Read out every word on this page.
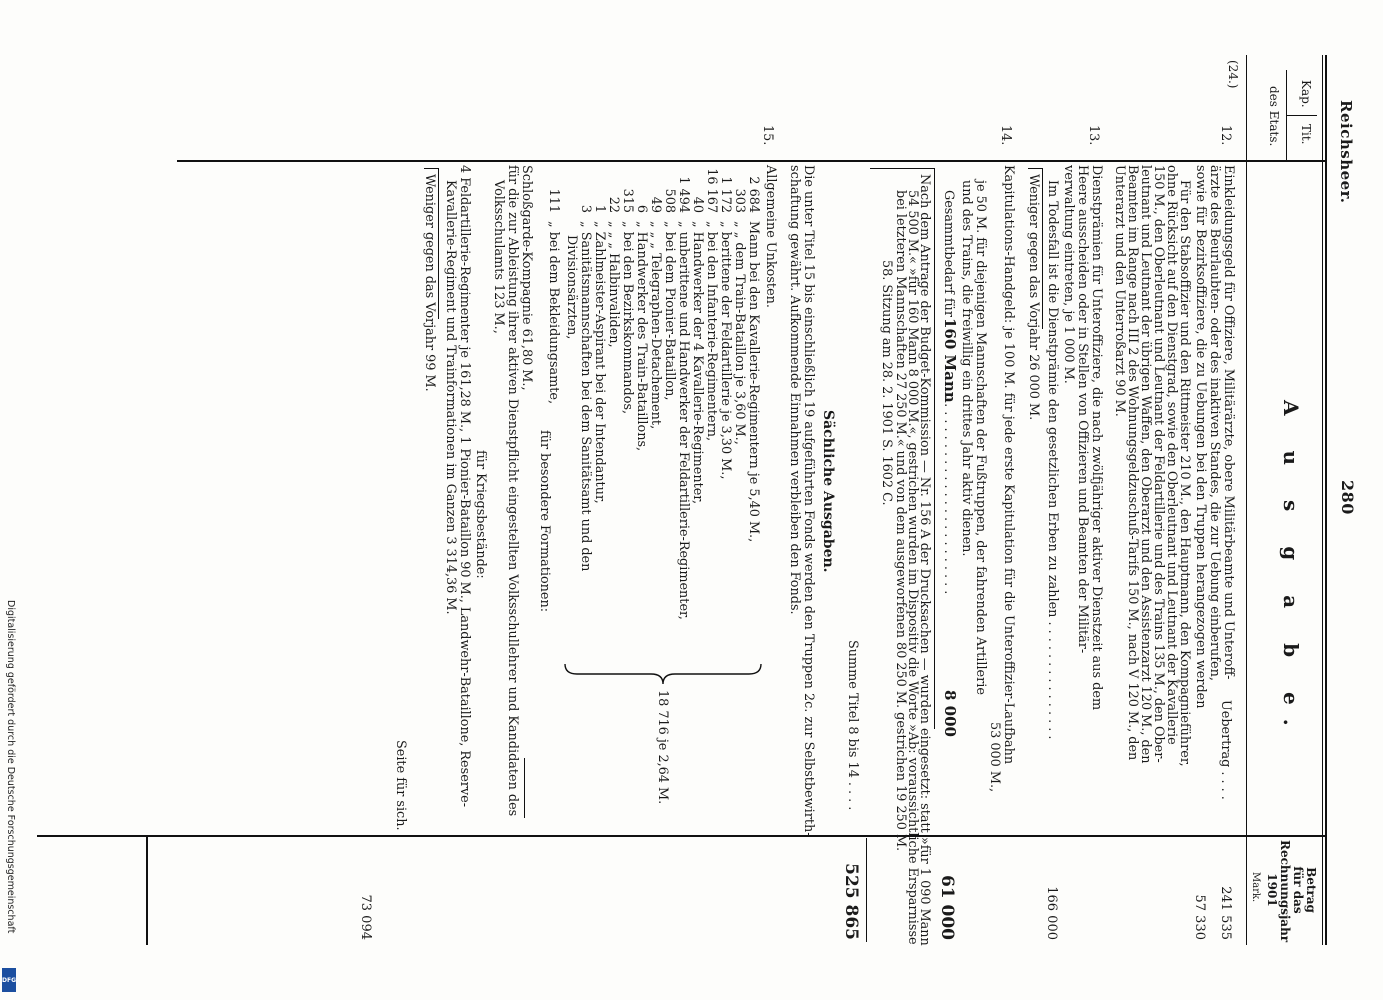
Reichsheer.
280
Kap.
Tit.
des Etats.
A u s g a b e.
Betrag
für das
Rechnungsjahr
1901
Mark.
(24.)
12.
Uebertrag . . . .
241 535

Einkleidungsgeld für Offiziere, Militärärzte, obere Militärbeamte und Unteroff-

ärzte des Beurlaubten- oder des inaktiven Standes, die zur Uebung einberufen,

sowie für Bezirksoffiziere, die zu Uebungen bei den Truppen herangezogen werden

Für den Stabsoffizier und den Rittmeister 210 M., den Hauptmann, den Kompagnieführer,

ohne Rücksicht auf den Dienstgrad, sowie den Oberleutnant und Leutnant der Kavallerie

150 M., den Oberleutnant und Leutnant der Feldartillerie und des Trains 135 M., den Ober-

leutnant und Leutnant der übrigen Waffen, den Oberarzt und den Assistenzarzt 120 M., den

Beamten im Range nach III 2 des Wohnungsgeldzuschuß-Tarifs 150 M., nach V 120 M., den

Unterarzt und den Unterroßarzt 90 M.

57 330
13.

Dienstprämien für Unteroffiziere, die nach zwölfjähriger aktiver Dienstzeit aus dem

Heere ausscheiden oder in Stellen von Offizieren und Beamten der Militär-

verwaltung eintreten, je 1 000 M.

Im Todesfall ist die Dienstprämie den gesetzlichen Erben zu zahlen . . . . . . . . . . . . . . .

166 000

Weniger gegen das Vorjahr 26 000 M.

14.

Kapitulations-Handgeld: je 100 M. für jede erste Kapitulation für die Unteroffizier-Laufbahn

53 000 M.,

je 50 M. für diejenigen Mannschaften der Fußtruppen, der fahrenden Artillerie

und des Trains, die freiwillig ein drittes Jahr aktiv dienen.

Gesammtbedarf für

160 Mann

. . . . . . . . . . . . . . . . . . . . . . . . .

8 000

Nach dem Antrage der Budget-Kommission — Nr. 156 A der Drucksachen — wurden eingesetzt: statt »für 1 090 Mann

54 500 M.« »für 160 Mann 8 000 M.«, gestrichen wurden im Dispositiv die Worte »Ab: voraussichtliche Ersparnisse

bei letzteren Mannschaften 27 250 M.« und von dem ausgeworfenen 80 250 M. gestrichen 19 250 M.

58. Sitzung am 28. 2. 1901 S. 1602 C.

61 000

Summe Titel 8 bis 14 . . . .

525 865

Sächliche Ausgaben.

Die unter Titel 15 bis einschließlich 19 aufgeführten Fonds werden den Truppen 2c. zur Selbstbewirth-

schaftung gewährt. Aufkommende Einnahmen verbleiben den Fonds.

15.

Allgemeine Unkosten.

2 684
Mann bei den Kavallerie-Regimentern je 5,40 M.,
303
„ „ dem Train-Bataillon je 3,60 M.,
1 172
„ berittene der Feldartillerie je 3,30 M.,
16 167
„ bei den Infanterie-Regimentern,
40
„ Handwerker der 4 Kavallerie-Regimenter,
1 494
„ unberittene und Handwerker der Feldartillerie-Regimenter,
508
„ bei dem Pionier-Bataillon,
49
„ „ „ Telegraphen-Detachement,
6
„ Handwerker des Train-Bataillons,
315
„ bei den Bezirkskommandos,
22
„ „ „ Halbinvaliden,
1
„ Zahlmeister-Aspirant bei der Intendantur,
3
„ Sanitätsmannschaften bei dem Sanitätsamt und den
Divisionsärzten,
111
„ bei dem Bekleidungsamte,

18 716 je 2,64 M.

für besondere Formationen:

Schloßgarde-Kompagnie 61,80 M.,

für die zur Ableistung ihrer aktiven Dienstpflicht eingestellten Volksschullehrer und Kandidaten des

Volksschulamts 123 M.,

für Kriegsbestände:

4 Feldartillerie-Regimenter je 161,28 M., 1 Pionier-Bataillon 90 M., Landwehr-Bataillone, Reserve-

Kavallerie-Regiment und Trainformationen im Ganzen 3 314,36 M.

Weniger gegen das Vorjahr 99 M.

Seite für sich.

73 094
Digitalisierung gefördert durch die Deutsche Forschungsgemeinschaft
DFG
